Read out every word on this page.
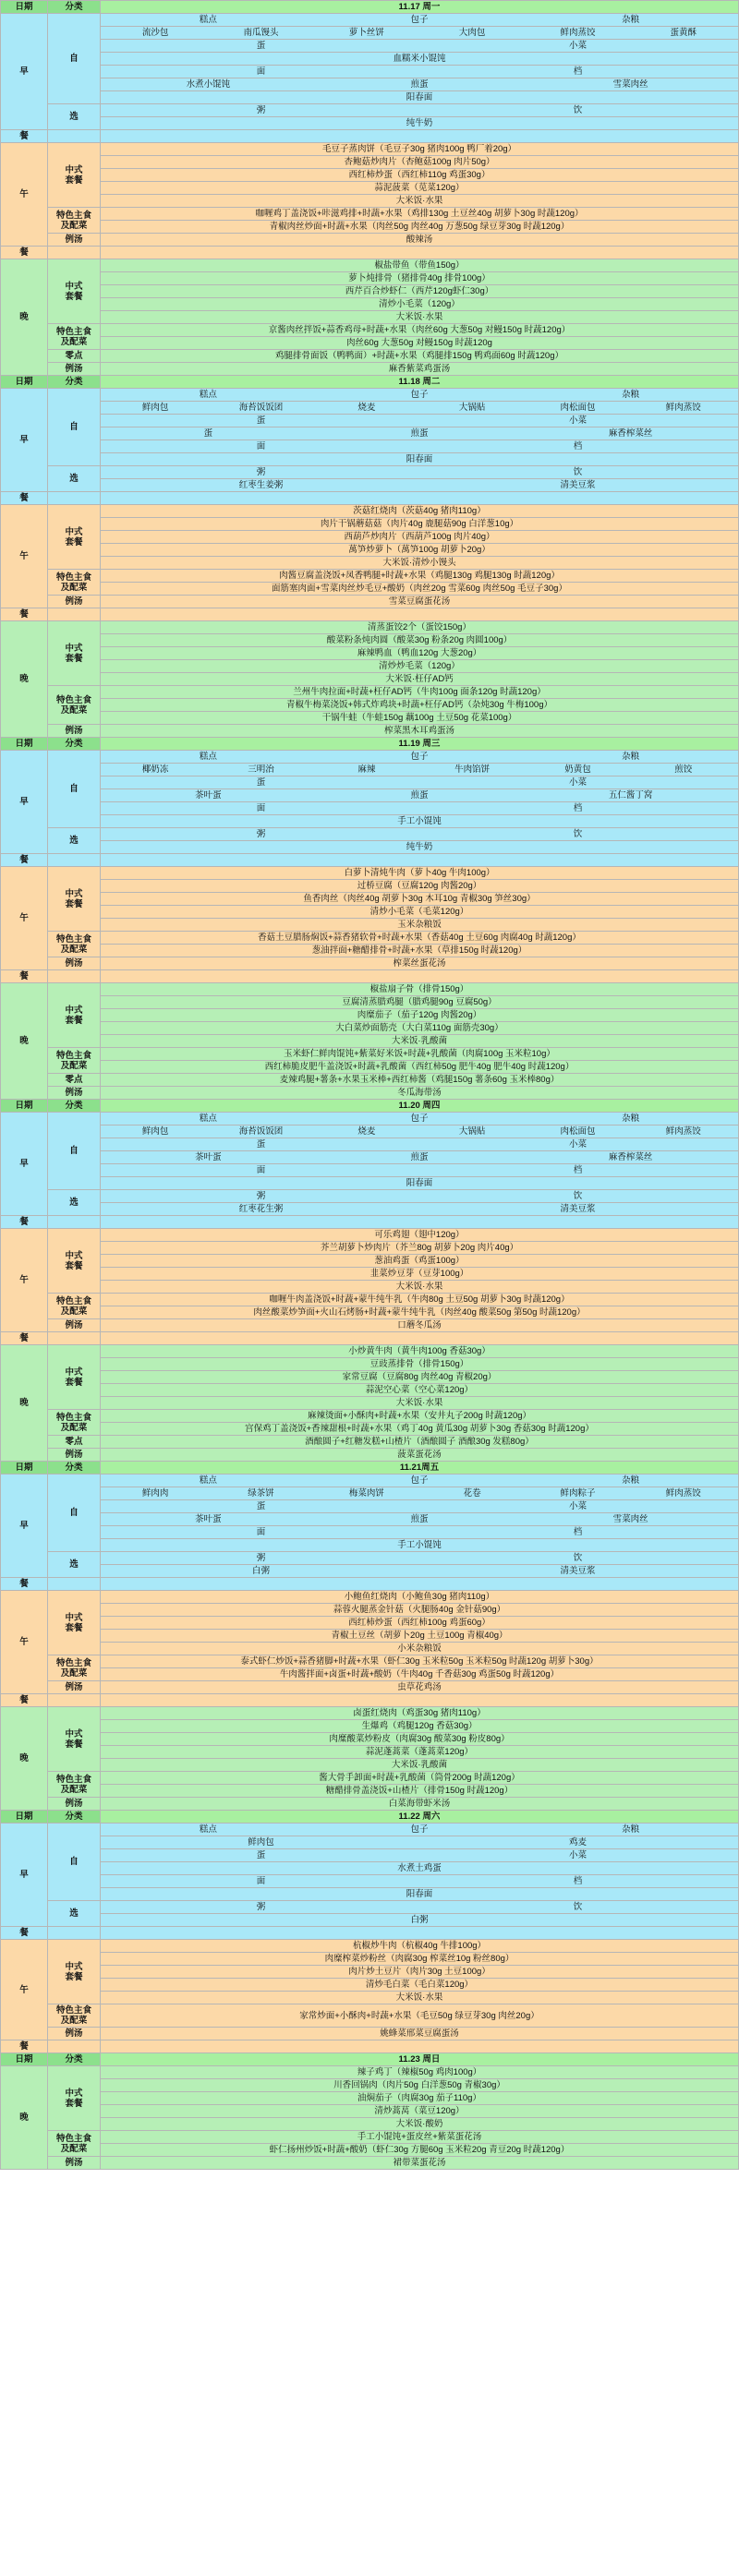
日期	分类	11.17 周一
早	自	糕点 包子 杂粮

流沙包	南瓜馒头	萝卜丝饼	大肉包	鲜肉蒸饺	蛋黄酥

		蛋 小菜

		血糯米小馄饨

		面 档

		水煮小馄饨 煎蛋 雪菜肉丝

		阳春面

	选	粥 饮

		纯牛奶

餐		
午	中式
套餐	毛豆子蒸肉饼（毛豆子30g 猪肉100g 鸭厂着20g）
		杏鲍菇炒肉片（杏鲍菇100g 肉片50g）
		西红柿炒蛋（西红柿110g 鸡蛋30g）
		蒜泥菠菜（苋菜120g）
		大米饭·水果
	特色主食
及配菜	咖喱鸡丁盖浇饭+咔滋鸡排+时蔬+水果（鸡排130g 土豆丝40g 胡萝卜30g 时蔬120g）
		青椒肉丝炒面+时蔬+水果（肉丝50g 肉丝40g 万葱50g 绿豆芽30g 时蔬120g）
	例汤	酸辣汤
餐		
晚	中式
套餐	椒盐带鱼（带鱼150g）
		萝卜炖排骨（猪排骨40g 排骨100g）
		西芹百合炒虾仁（西芹120g虾仁30g）
		清炒小毛菜（120g）
		大米饭·水果
	特色主食
及配菜	京酱肉丝拌饭+蒜香鸡母+时蔬+水果（肉丝60g 大葱50g 对鳗150g 时蔬120g）
		肉丝60g 大葱50g 对鳗150g 时蔬120g
	零点	鸡腿排骨面饭（鸭鸭面）+时蔬+水果（鸡腿排150g 鸭鸡面60g 时蔬120g）
	例汤	麻香紫菜鸡蛋汤
日期	分类	11.18 周二
早	自	糕点 包子 杂粮

鲜肉包	海苔饭饭团	烧麦	大锅贴	肉松面包	鲜肉蒸饺

		蛋 小菜

		蛋 煎蛋 麻香榨菜丝

		面 档

		阳春面

	选	粥 饮

		红枣生姜粥 清美豆浆

餐		
午	中式
套餐	茨菇红烧肉（茨菇40g 猪肉110g）
		肉片干锅蘑菇菇（肉片40g 鹿腿菇90g 白洋葱10g）
		西葫芦炒肉片（西葫芦100g 肉片40g）
		萬笋炒萝卜（萬笋100g 胡萝卜20g）
		大米饭·清炒小馒头
	特色主食
及配菜	肉酱豆腐盖浇饭+凤香鸭腿+时蔬+水果（鸡腿130g 鸡腿130g 时蔬120g）
		面筋塞肉面+雪菜肉丝炒毛豆+酸奶（肉丝20g 雪菜60g 肉丝50g 毛豆子30g）
	例汤	雪菜豆腐蛋花汤
餐		
晚	中式
套餐	清蒸蛋饺2个（蛋饺150g）
		酸菜粉条炖肉圆（酸菜30g 粉条20g 肉圆100g）
		麻辣鸭血（鸭血120g 大葱20g）
		清炒炒毛菜（120g）
		大米饭·枉仔AD钙
	特色主食
及配菜	兰州牛肉拉面+时蔬+枉仔AD钙（牛肉100g 面条120g 时蔬120g）
		青椒牛梅菜浇饭+韩式炸鸡块+时蔬+枉仔AD钙（杂炖30g 牛梅100g）
		干锅牛蛙（牛蛙150g 藕100g 土豆50g 花菜100g）
	例汤	榨菜黑木耳鸡蛋汤
日期	分类	11.19 周三
早	自	糕点 包子 杂粮

椰奶冻	三明治	麻辣	牛肉馅饼	奶黄包	煎饺

		蛋 小菜

		茶叶蛋 煎蛋 五仁酱丁窝

		面 档

		手工小馄饨

	选	粥 饮

		纯牛奶

餐		
午	中式
套餐	白萝卜清炖牛肉（萝卜40g 牛肉100g）
		过桥豆腐（豆腐120g 肉酱20g）
		鱼香肉丝（肉丝40g 胡萝卜30g 木耳10g 青椒30g 笋丝30g）
		清炒小毛菜（毛菜120g）
		玉米杂粮饭
	特色主食
及配菜	香菇土豆腊肠焖饭+蒜香猪软骨+时蔬+水果（香菇40g 土豆60g 肉腐40g 时蔬120g）
		葱油拌面+糖醋排骨+时蔬+水果（草排150g 时蔬120g）
	例汤	榨菜丝蛋花汤
餐		
晚	中式
套餐	椒盐扇子骨（排骨150g）
		豆腐清蒸腊鸡腿（腊鸡腿90g 豆腐50g）
		肉糜茄子（茄子120g 肉酱20g）
		大白菜炒面筋壳（大白菜110g 面筋壳30g）
		大米饭·乳酸菌
	特色主食
及配菜	玉米虾仁鲜肉馄饨+紫菜好米饭+时蔬+乳酸菌（肉腐100g 玉米粒10g）
		西红柿脆皮肥牛盖浇饭+时蔬+乳酸菌（西红柿50g 肥牛40g 肥牛40g 时蔬120g）
	零点	麦辣鸡腿+薯条+水果玉米棒+西红柿酱（鸡腿150g 薯条60g 玉米棒80g）
	例汤	冬瓜海带汤
日期	分类	11.20 周四
早	自	糕点 包子 杂粮

鲜肉包	海苔饭饭团	烧麦	大锅贴	肉松面包	鲜肉蒸饺

		蛋 小菜

		茶叶蛋 煎蛋 麻香榨菜丝

		面 档

		阳春面

	选	粥 饮

		红枣花生粥 清美豆浆

餐		
午	中式
套餐	可乐鸡翅（翅中120g）
		芥兰胡萝卜炒肉片（芥兰80g 胡萝卜20g 肉片40g）
		葱油鸡蛋（鸡蛋100g）
		韭菜炒豆芽（豆芽100g）
		大米饭·水果
	特色主食
及配菜	咖喱牛肉盖浇饭+时蔬+蒙牛纯牛乳（牛肉80g 土豆50g 胡萝卜30g 时蔬120g）
		肉丝酸菜炒笋面+火山石烤肠+时蔬+蒙牛纯牛乳（肉丝40g 酸菜50g 第50g 时蔬120g）
	例汤	口蘑冬瓜汤
餐		
晚	中式
套餐	小炒黄牛肉（黄牛肉100g 香菇30g）
		豆豉蒸排骨（排骨150g）
		家常豆腐（豆腐80g 肉丝40g 青椒20g）
		蒜泥空心菜（空心菜120g）
		大米饭·水果
	特色主食
及配菜	麻辣烫面+小酥肉+时蔬+水果（安井丸子200g 时蔬120g）
		宫保鸡丁盖浇饭+香辣甜根+时蔬+水果（鸡丁40g 黄瓜30g 胡萝卜30g 香菇30g 时蔬120g）
	零点	酒酿圆子+红糖发糕+山楂片（酒酿圆子 酒酿30g 发糕80g）
	例汤	菠菜蛋花汤
日期	分类	11.21周五
早	自	糕点 包子 杂粮

鲜肉肉	绿茶饼	梅菜肉饼	花卷	鲜肉粽子	鲜肉蒸饺

		蛋 小菜

		茶叶蛋 煎蛋 雪菜肉丝

		面 档

		手工小馄饨

	选	粥 饮

		白粥 清美豆浆

餐		
午	中式
套餐	小鲍鱼红烧肉（小鲍鱼30g 猪肉110g）
		蒜蓉火腿蒸金针菇（火腿肠40g 金针菇90g）
		西红柿炒蛋（西红柿100g 鸡蛋60g）
		青椒土豆丝（胡萝卜20g 土豆100g 青椒40g）
		小米杂粮饭
	特色主食
及配菜	泰式虾仁炒饭+蒜香猪脚+时蔬+水果（虾仁30g 玉米粒50g 玉米粒50g 时蔬120g 胡萝卜30g）
		牛肉酱拌面+卤蛋+时蔬+酸奶（牛肉40g 千香菇30g 鸡蛋50g 时蔬120g）
	例汤	虫草花鸡汤
餐		
晚	中式
套餐	卤蛋红烧肉（鸡蛋30g 猪肉110g）
		生爆鸡（鸡腿120g 香菇30g）
		肉糜酸菜炒粉皮（肉腐30g 酸菜30g 粉皮80g）
		蒜泥蓬蒿菜（蓬蒿菜120g）
		大米饭·乳酸菌
	特色主食
及配菜	酱大骨手卸面+时蔬+乳酸菌（筒骨200g 时蔬120g）
		糖醋排骨盖浇饭+山楂片（排骨150g 时蔬120g）
	例汤	白菜海带虾米汤
日期	分类	11.22 周六
早	自	糕点 包子 杂粮

		鲜肉包 鸡麦

		蛋 小菜

		水煮土鸡蛋

		面 档

		阳春面

	选	粥 饮

		白粥

餐		
午	中式
套餐	杭椒炒牛肉（杭椒40g 牛排100g）
		肉糜榨菜炒粉丝（肉腐30g 榨菜丝10g 粉丝80g）
		肉片炒土豆片（肉片30g 土豆100g）
		清炒毛白菜（毛白菜120g）
		大米饭·水果
	特色主食
及配菜	家常炒面+小酥肉+时蔬+水果（毛豆50g 绿豆芽30g 肉丝20g）
	例汤	姚蜂菜邢菜豆腐蛋汤
餐		
日期	分类	11.23 周日
晚	中式
套餐	辣子鸡丁（辣椒50g 鸡肉100g）
		川香回锅肉（肉片50g 白洋葱50g 青椒30g）
		油焖茄子（肉腐30g 茄子110g）
		清炒蒿莴（菜豆120g）
		大米饭·酸奶
	特色主食
及配菜	手工小馄饨+蛋皮丝+紫菜蛋花汤
		虾仁扬州炒饭+时蔬+酸奶（虾仁30g 方腿60g 玉米粒20g 青豆20g 时蔬120g）
	例汤	裙带菜蛋花汤
